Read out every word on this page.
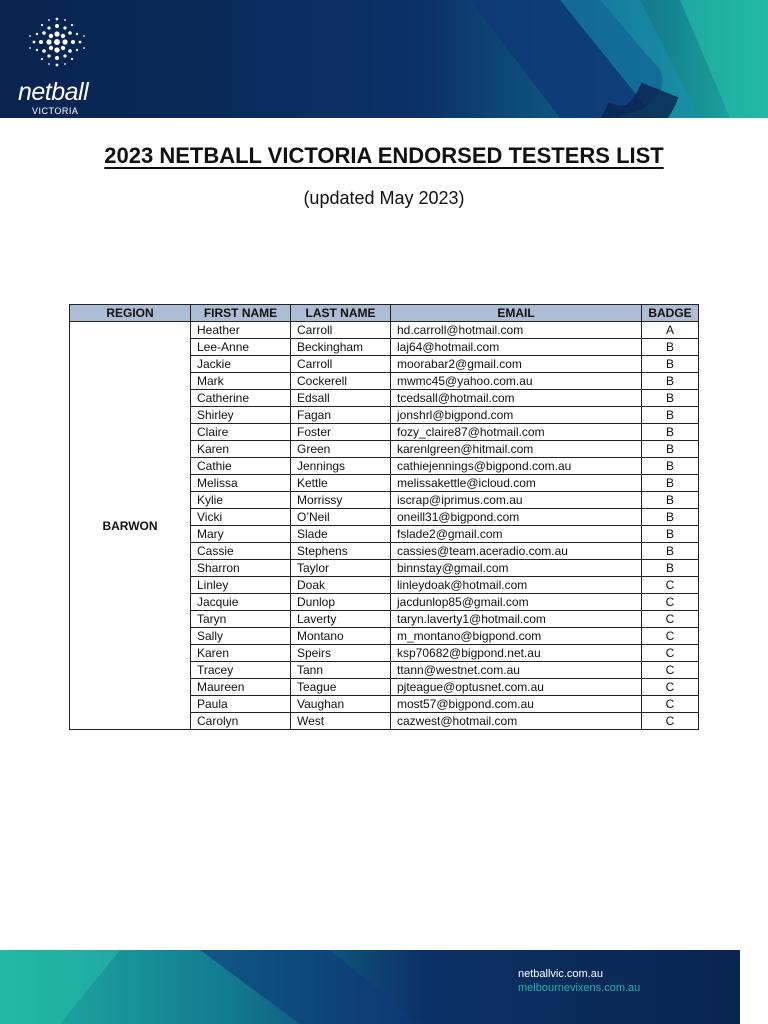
netball
VICTORIA
2023 NETBALL VICTORIA ENDORSED TESTERS LIST
(updated May 2023)
REGION	FIRST NAME	LAST NAME	EMAIL	BADGE
BARWON	Heather	Carroll	hd.carroll@hotmail.com	A
	Lee-Anne	Beckingham	laj64@hotmail.com	B
	Jackie	Carroll	moorabar2@gmail.com	B
	Mark	Cockerell	mwmc45@yahoo.com.au	B
	Catherine	Edsall	tcedsall@hotmail.com	B
	Shirley	Fagan	jonshrl@bigpond.com	B
	Claire	Foster	fozy_claire87@hotmail.com	B
	Karen	Green	karenlgreen@hitmail.com	B
	Cathie	Jennings	cathiejennings@bigpond.com.au	B
	Melissa	Kettle	melissakettle@icloud.com	B
	Kylie	Morrissy	iscrap@iprimus.com.au	B
	Vicki	O’Neil	oneill31@bigpond.com	B
	Mary	Slade	fslade2@gmail.com	B
	Cassie	Stephens	cassies@team.aceradio.com.au	B
	Sharron	Taylor	binnstay@gmail.com	B
	Linley	Doak	linleydoak@hotmail.com	C
	Jacquie	Dunlop	jacdunlop85@gmail.com	C
	Taryn	Laverty	taryn.laverty1@hotmail.com	C
	Sally	Montano	m_montano@bigpond.com	C
	Karen	Speirs	ksp70682@bigpond.net.au	C
	Tracey	Tann	ttann@westnet.com.au	C
	Maureen	Teague	pjteague@optusnet.com.au	C
	Paula	Vaughan	most57@bigpond.com.au	C
	Carolyn	West	cazwest@hotmail.com	C
netballvic.com.au
melbournevixens.com.au
